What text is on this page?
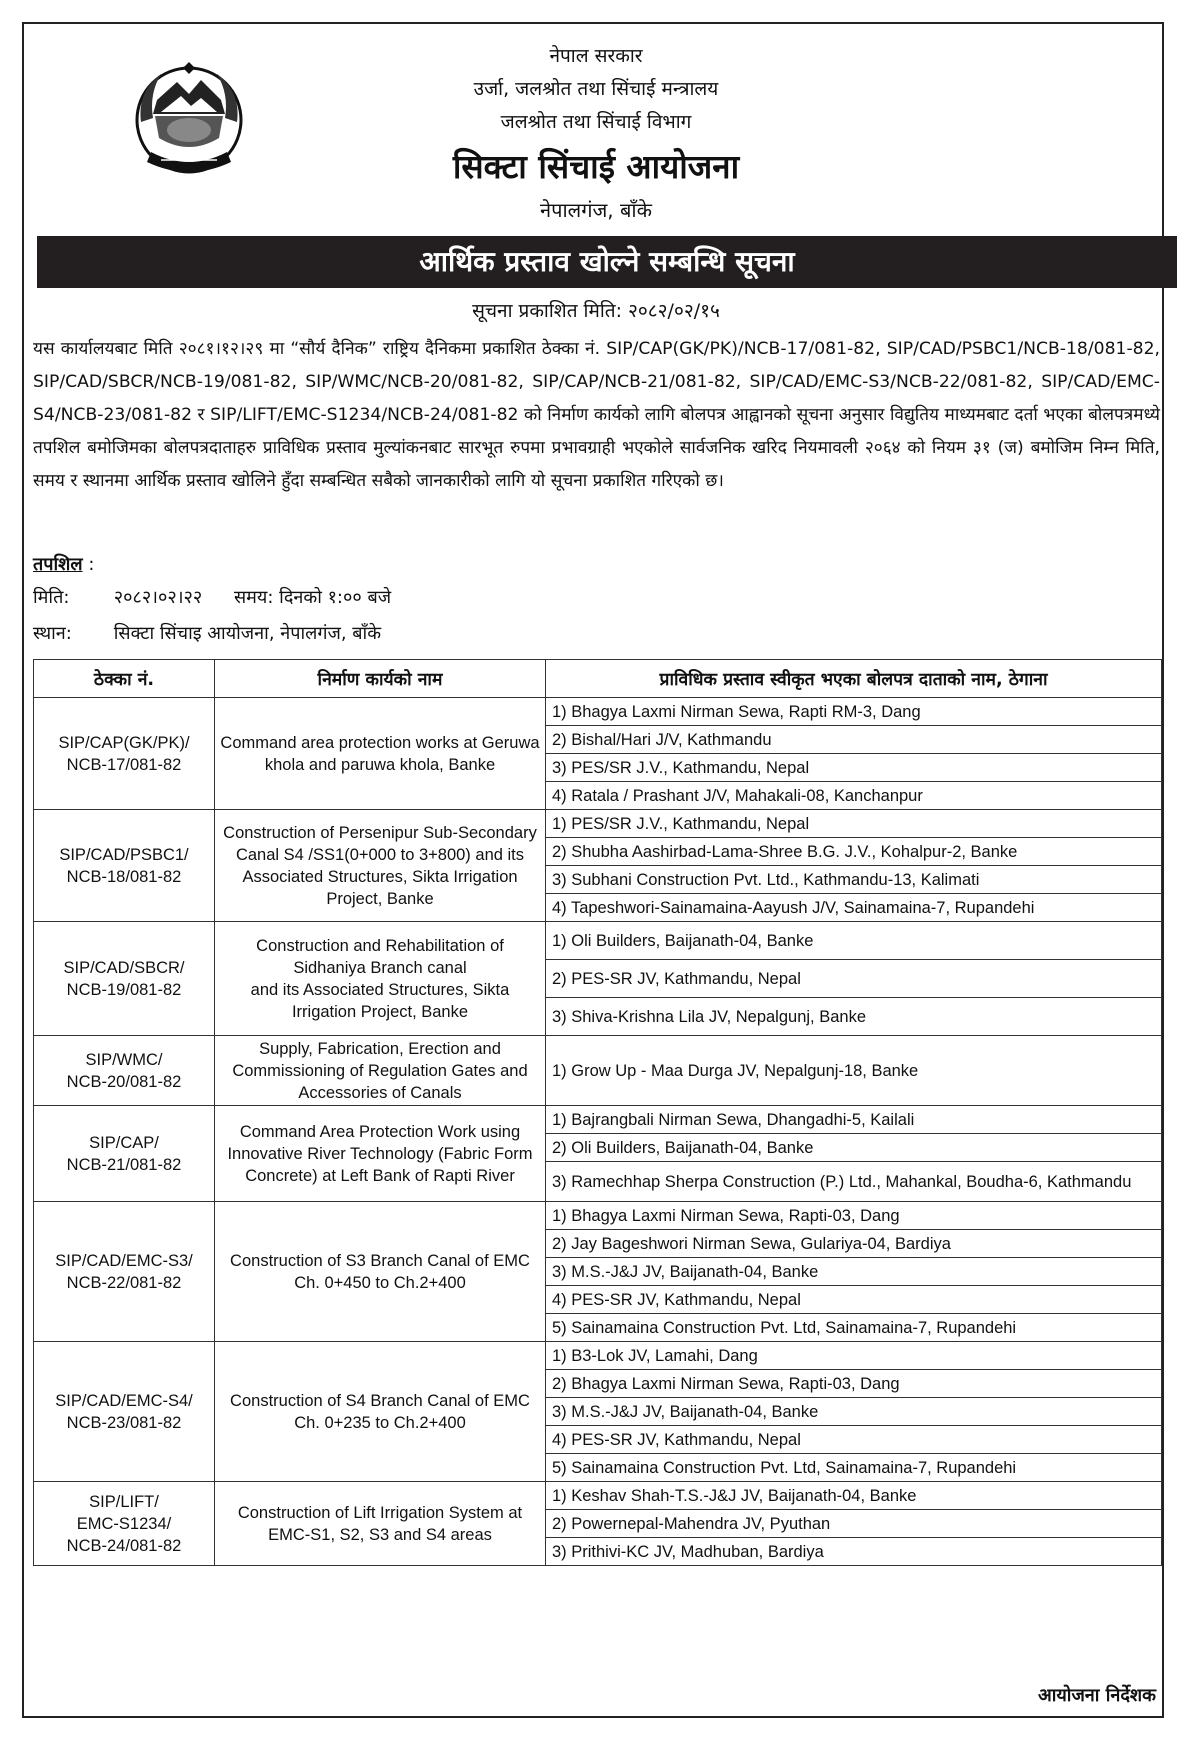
नेपाल सरकार
उर्जा, जलश्रोत तथा सिंचाई मन्त्रालय
जलश्रोत तथा सिंचाई विभाग
सिक्टा सिंचाई आयोजना
नेपालगंज, बाँके
आर्थिक प्रस्ताव खोल्ने सम्बन्धि सूचना
सूचना प्रकाशित मिति: २०८२/०२/१५
यस कार्यालयबाट मिति २०८१।१२।२९ मा “सौर्य दैनिक” राष्ट्रिय दैनिकमा प्रकाशित ठेक्का नं. SIP/CAP(GK/PK)/NCB-17/081-82, SIP/CAD/PSBC1/NCB-18/081-82, SIP/CAD/SBCR/NCB-19/081-82, SIP/WMC/NCB-20/081-82, SIP/CAP/NCB-21/081-82, SIP/CAD/EMC-S3/NCB-22/081-82, SIP/CAD/EMC-S4/NCB-23/081-82 र SIP/LIFT/EMC-S1234/NCB-24/081-82 को निर्माण कार्यको लागि बोलपत्र आह्वानको सूचना अनुसार विद्युतिय माध्यमबाट दर्ता भएका बोलपत्रमध्ये तपशिल बमोजिमका बोलपत्रदाताहरु प्राविधिक प्रस्ताव मुल्यांकनबाट सारभूत रुपमा प्रभावग्राही भएकोले सार्वजनिक खरिद नियमावली २०६४ को नियम ३१ (ज) बमोजिम निम्न मिति, समय र स्थानमा आर्थिक प्रस्ताव खोलिने हुँदा सम्बन्धित सबैको जानकारीको लागि यो सूचना प्रकाशित गरिएको छ।
तपशिल :
मिति: २०८२।०२।२२ समय: दिनको १:०० बजे
स्थान: सिक्टा सिंचाइ आयोजना, नेपालगंज, बाँके
ठेक्का नं.	निर्माण कार्यको नाम	प्राविधिक प्रस्ताव स्वीकृत भएका बोलपत्र दाताको नाम, ठेगाना
SIP/CAP(GK/PK)/
NCB-17/081-82	Command area protection works at Geruwa khola and paruwa khola, Banke	1) Bhagya Laxmi Nirman Sewa, Rapti RM-3, Dang
		2) Bishal/Hari J/V, Kathmandu
		3) PES/SR J.V., Kathmandu, Nepal
		4) Ratala / Prashant J/V, Mahakali-08, Kanchanpur
SIP/CAD/PSBC1/
NCB-18/081-82	Construction of Persenipur Sub-Secondary Canal S4 /SS1(0+000 to 3+800) and its Associated Structures, Sikta Irrigation Project, Banke	1) PES/SR J.V., Kathmandu, Nepal
		2) Shubha Aashirbad-Lama-Shree B.G. J.V., Kohalpur-2, Banke
		3) Subhani Construction Pvt. Ltd., Kathmandu-13, Kalimati
		4) Tapeshwori-Sainamaina-Aayush J/V, Sainamaina-7, Rupandehi
SIP/CAD/SBCR/
NCB-19/081-82	Construction and Rehabilitation of Sidhaniya Branch canal
and its Associated Structures, Sikta Irrigation Project, Banke	1) Oli Builders, Baijanath-04, Banke
		2) PES-SR JV, Kathmandu, Nepal
		3) Shiva-Krishna Lila JV, Nepalgunj, Banke
SIP/WMC/
NCB-20/081-82	Supply, Fabrication, Erection and Commissioning of Regulation Gates and Accessories of Canals	1) Grow Up - Maa Durga JV, Nepalgunj-18, Banke
SIP/CAP/
NCB-21/081-82	Command Area Protection Work using Innovative River Technology (Fabric Form Concrete) at Left Bank of Rapti River	1) Bajrangbali Nirman Sewa, Dhangadhi-5, Kailali
		2) Oli Builders, Baijanath-04, Banke
		3) Ramechhap Sherpa Construction (P.) Ltd., Mahankal, Boudha-6, Kathmandu
SIP/CAD/EMC-S3/
NCB-22/081-82	Construction of S3 Branch Canal of EMC Ch. 0+450 to Ch.2+400	1) Bhagya Laxmi Nirman Sewa, Rapti-03, Dang
		2) Jay Bageshwori Nirman Sewa, Gulariya-04, Bardiya
		3) M.S.-J&J JV, Baijanath-04, Banke
		4) PES-SR JV, Kathmandu, Nepal
		5) Sainamaina Construction Pvt. Ltd, Sainamaina-7, Rupandehi
SIP/CAD/EMC-S4/
NCB-23/081-82	Construction of S4 Branch Canal of EMC Ch. 0+235 to Ch.2+400	1) B3-Lok JV, Lamahi, Dang
		2) Bhagya Laxmi Nirman Sewa, Rapti-03, Dang
		3) M.S.-J&J JV, Baijanath-04, Banke
		4) PES-SR JV, Kathmandu, Nepal
		5) Sainamaina Construction Pvt. Ltd, Sainamaina-7, Rupandehi
SIP/LIFT/
EMC-S1234/
NCB-24/081-82	Construction of Lift Irrigation System at EMC-S1, S2, S3 and S4 areas	1) Keshav Shah-T.S.-J&J JV, Baijanath-04, Banke
		2) Powernepal-Mahendra JV, Pyuthan
		3) Prithivi-KC JV, Madhuban, Bardiya
आयोजना निर्देशक
